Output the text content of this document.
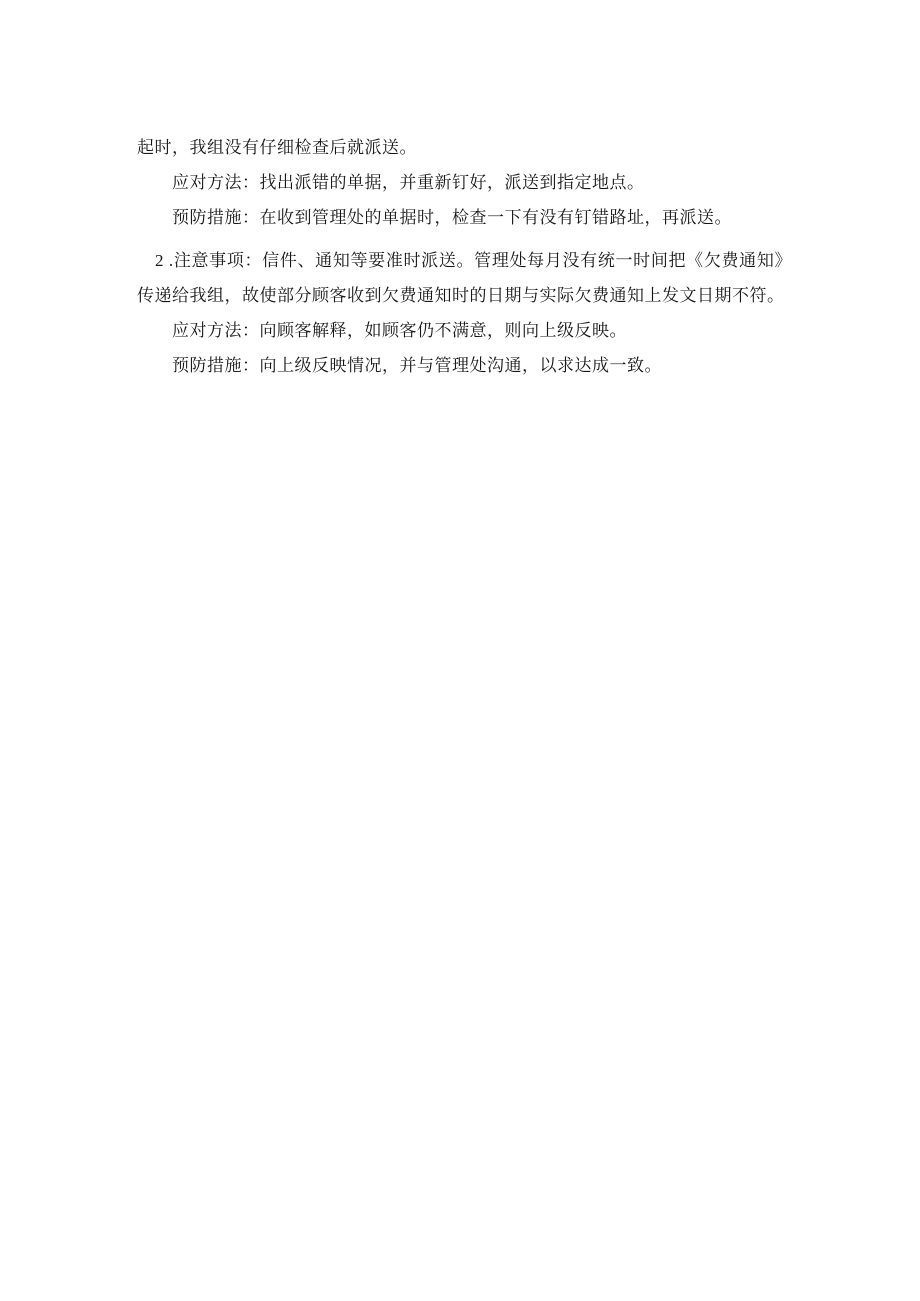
起时，我组没有仔细检查后就派送。

应对方法：找出派错的单据，并重新钉好，派送到指定地点。

预防措施：在收到管理处的单据时，检查一下有没有钉错路址，再派送。

2 .注意事项：信件、通知等要准时派送。管理处每月没有统一时间把《欠费通知》传递给我组，故使部分顾客收到欠费通知时的日期与实际欠费通知上发文日期不符。

应对方法：向顾客解释，如顾客仍不满意，则向上级反映。

预防措施：向上级反映情况，并与管理处沟通，以求达成一致。
